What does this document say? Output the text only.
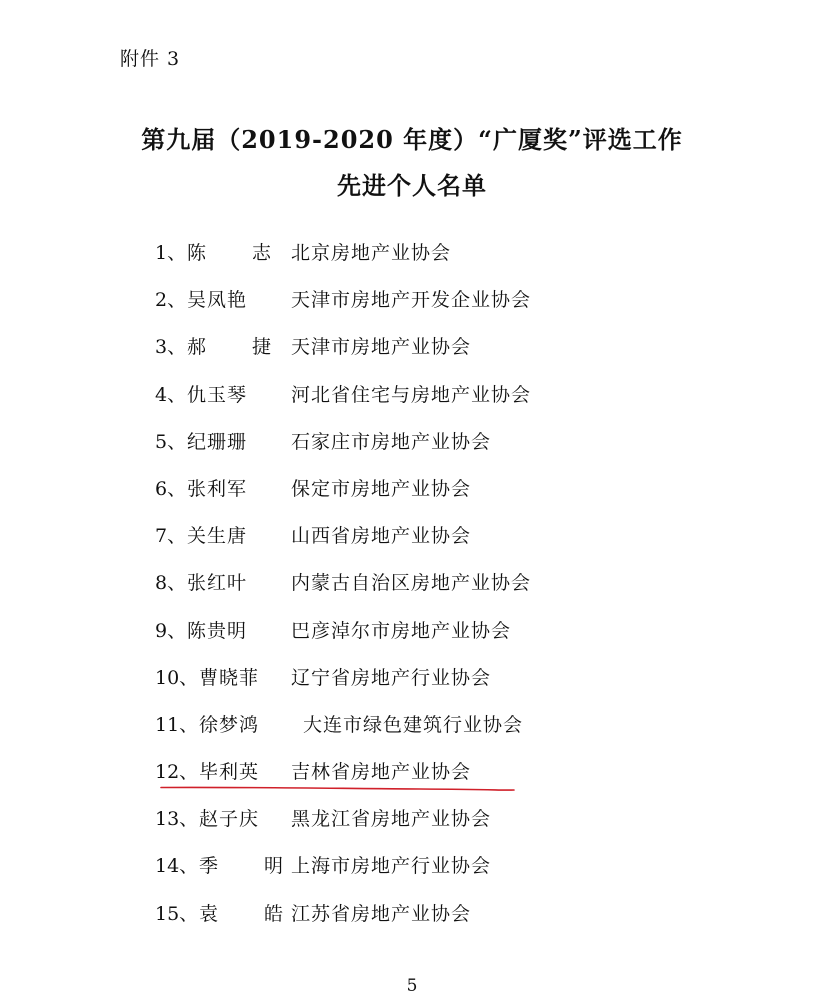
附件 3
第九届（2019-2020 年度）“广厦奖”评选工作
先进个人名单
1、 陈 志 北京房地产业协会
2、 吴凤艳 天津市房地产开发企业协会
3、 郝 捷 天津市房地产业协会
4、 仇玉琴 河北省住宅与房地产业协会
5、 纪珊珊 石家庄市房地产业协会
6、 张利军 保定市房地产业协会
7、 关生唐 山西省房地产业协会
8、 张红叶 内蒙古自治区房地产业协会
9、 陈贵明 巴彦淖尔市房地产业协会
10、 曹晓菲 辽宁省房地产行业协会
11、 徐梦鸿 大连市绿色建筑行业协会
12、 毕利英 吉林省房地产业协会
13、 赵子庆 黑龙江省房地产业协会
14、 季 明
上海市房地产行业协会
15、 袁 皓
江苏省房地产业协会
5
